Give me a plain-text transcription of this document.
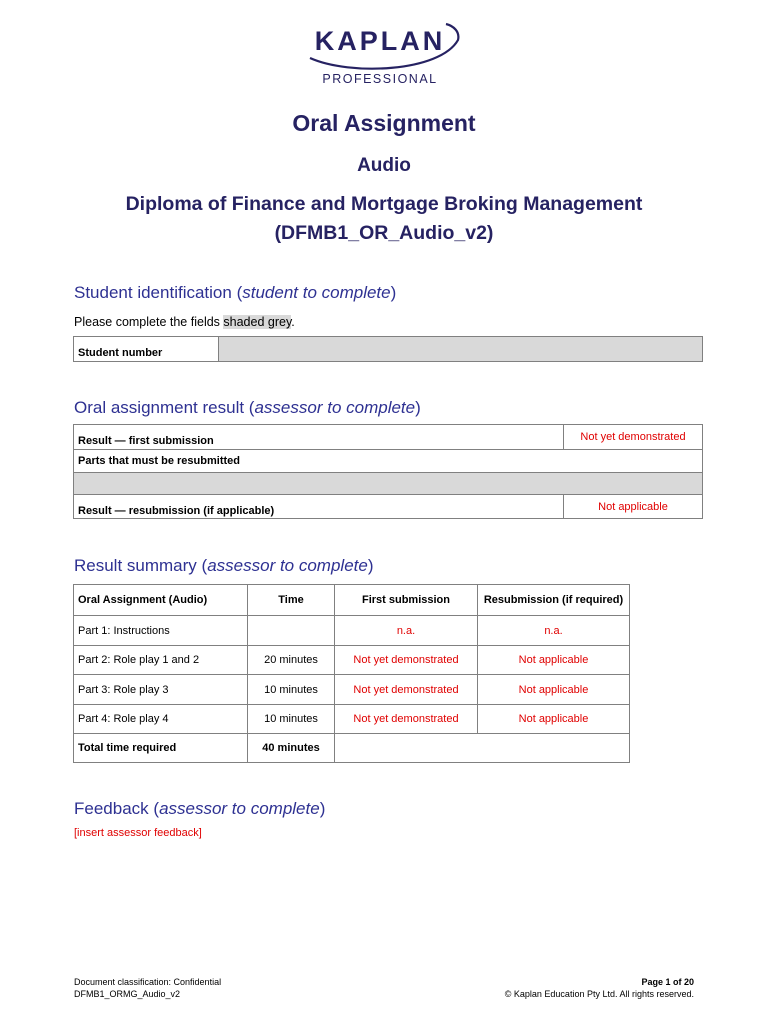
KAPLAN
PROFESSIONAL
Oral Assignment
Audio
Diploma of Finance and Mortgage Broking Management
(DFMB1_OR_Audio_v2)
Student identification (student to complete)
Please complete the fields shaded grey.
Student number	
Oral assignment result (assessor to complete)
Result — first submission	Not yet demonstrated
Parts that must be resubmitted	

Result — resubmission (if applicable)	Not applicable
Result summary (assessor to complete)
Oral Assignment (Audio)	Time	First submission	Resubmission (if required)
Part 1: Instructions		n.a.	n.a.
Part 2: Role play 1 and 2	20 minutes	Not yet demonstrated	Not applicable
Part 3: Role play 3	10 minutes	Not yet demonstrated	Not applicable
Part 4: Role play 4	10 minutes	Not yet demonstrated	Not applicable
Total time required	40 minutes		
Feedback (assessor to complete)
[insert assessor feedback]
Document classification: Confidential
DFMB1_ORMG_Audio_v2
Page 1 of 20
© Kaplan Education Pty Ltd. All rights reserved.
